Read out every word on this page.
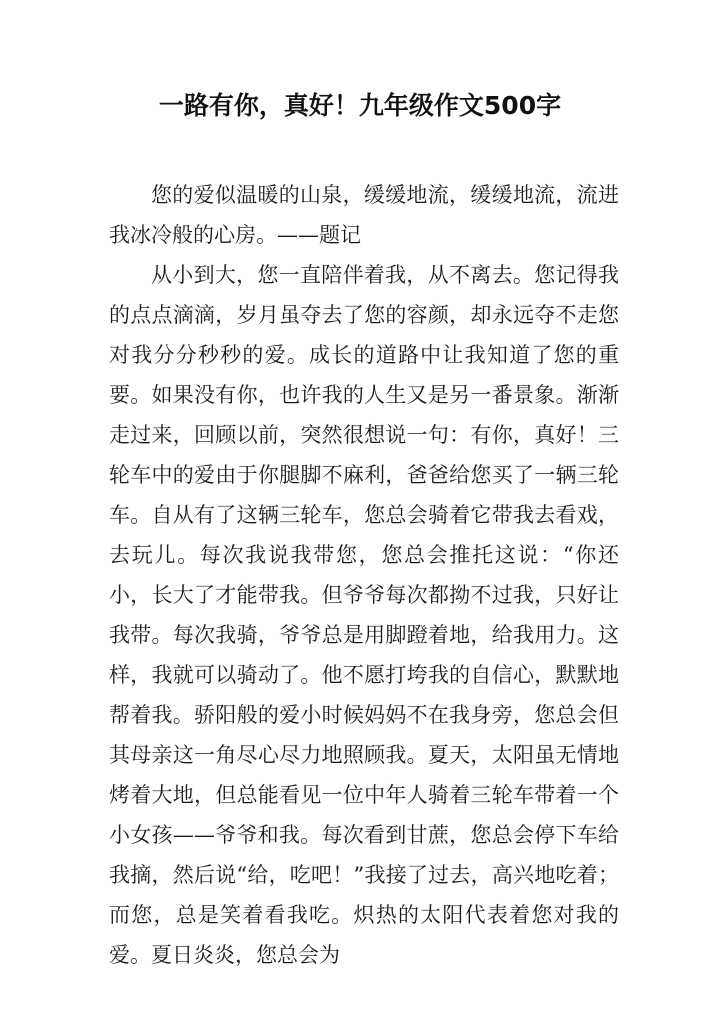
一路有你，真好！九年级作文500字

您的爱似温暖的山泉，缓缓地流，缓缓地流，流进我冰冷般的心房。——题记

从小到大，您一直陪伴着我，从不离去。您记得我的点点滴滴，岁月虽夺去了您的容颜，却永远夺不走您对我分分秒秒的爱。成长的道路中让我知道了您的重要。如果没有你，也许我的人生又是另一番景象。渐渐走过来，回顾以前，突然很想说一句：有你，真好！三轮车中的爱由于你腿脚不麻利，爸爸给您买了一辆三轮车。自从有了这辆三轮车，您总会骑着它带我去看戏，去玩儿。每次我说我带您，您总会推托这说：“你还小，长大了才能带我。但爷爷每次都拗不过我，只好让我带。每次我骑，爷爷总是用脚蹬着地，给我用力。这样，我就可以骑动了。他不愿打垮我的自信心，默默地帮着我。骄阳般的爱小时候妈妈不在我身旁，您总会但其母亲这一角尽心尽力地照顾我。夏天，太阳虽无情地烤着大地，但总能看见一位中年人骑着三轮车带着一个小女孩——爷爷和我。每次看到甘蔗，您总会停下车给我摘，然后说“给，吃吧！”我接了过去，高兴地吃着；而您，总是笑着看我吃。炽热的太阳代表着您对我的爱。夏日炎炎，您总会为
